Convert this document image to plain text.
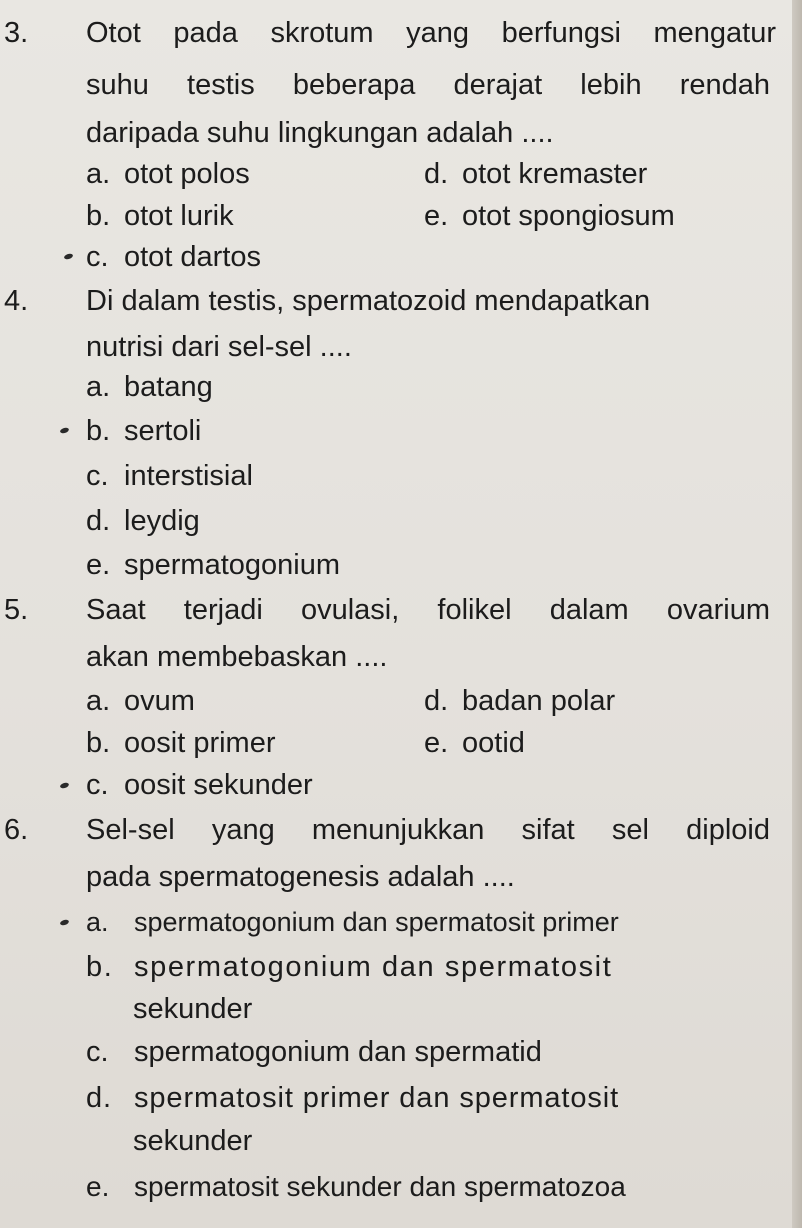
3.	Otot pada skrotum yang berfungsi mengatur
suhu testis beberapa derajat lebih rendah
daripada suhu lingkungan adalah ....
a. otot polos	d. otot kremaster
b. otot lurik	e. otot spongiosum
c. otot dartos
4.	Di dalam testis, spermatozoid mendapatkan
nutrisi dari sel-sel ....
a. batang
b. sertoli
c. interstisial
d. leydig
e. spermatogonium
5.	Saat terjadi ovulasi, folikel dalam ovarium
akan membebaskan ....
a. ovum	d. badan polar
b. oosit primer	e. ootid
c. oosit sekunder
6.	Sel-sel yang menunjukkan sifat sel diploid
pada spermatogenesis adalah ....
a. spermatogonium dan spermatosit primer
b. spermatogonium dan spermatosit
sekunder
c. spermatogonium dan spermatid
d. spermatosit primer dan spermatosit
sekunder
e. spermatosit sekunder dan spermatozoa
